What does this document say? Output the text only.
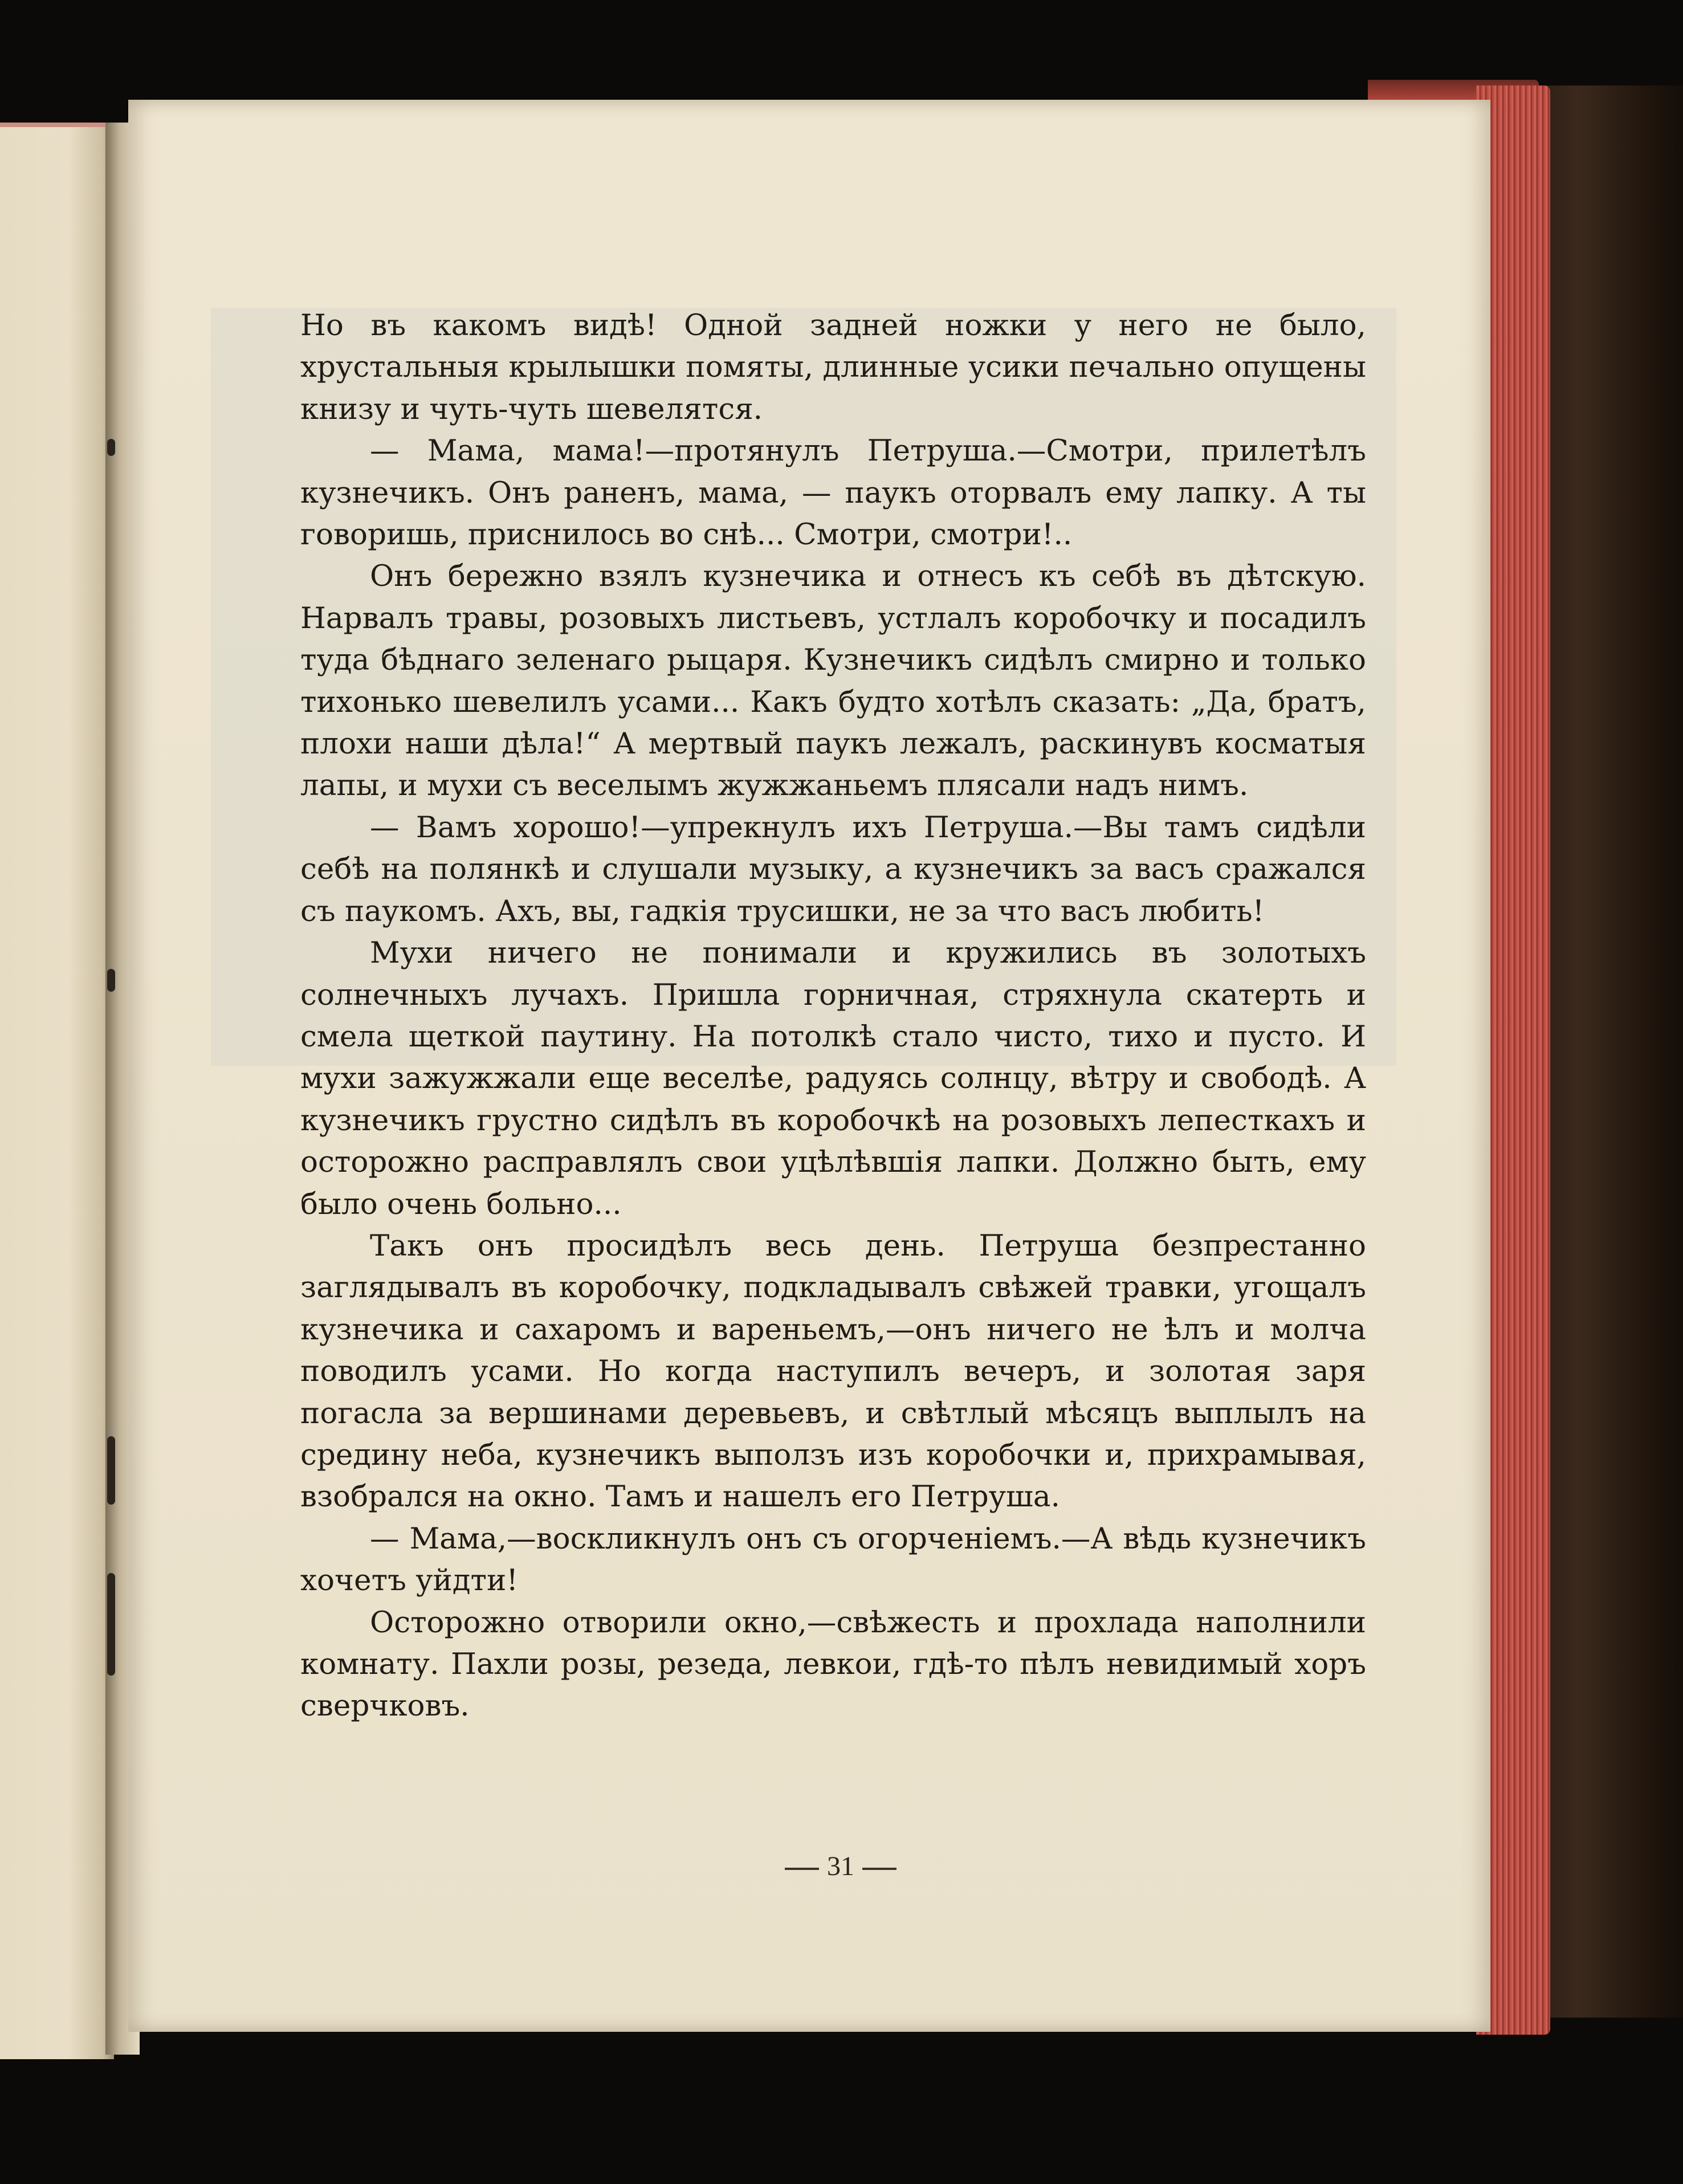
Но въ какомъ видѣ! Одной задней ножки у него не было, хрустальныя крылышки помяты, длинные усики печально опущены книзу и чуть-чуть шевелятся.

— Мама, мама!—протянулъ Петруша.—Смотри, прилетѣлъ кузнечикъ. Онъ раненъ, мама, — паукъ оторвалъ ему лапку. А ты говоришь, приснилось во снѣ... Смотри, смотри!..

Онъ бережно взялъ кузнечика и отнесъ къ себѣ въ дѣтскую. Нарвалъ травы, розовыхъ листьевъ, устлалъ коробочку и посадилъ туда бѣднаго зеленаго рыцаря. Кузнечикъ сидѣлъ смирно и только тихонько шевелилъ усами... Какъ будто хотѣлъ сказать: „Да, братъ, плохи наши дѣла!“ А мертвый паукъ лежалъ, раскинувъ косматыя лапы, и мухи съ веселымъ жужжаньемъ плясали надъ нимъ.

— Вамъ хорошо!—упрекнулъ ихъ Петруша.—Вы тамъ сидѣли себѣ на полянкѣ и слушали музыку, а кузнечикъ за васъ сражался съ паукомъ. Ахъ, вы, гадкія трусишки, не за что васъ любить!

Мухи ничего не понимали и кружились въ золотыхъ солнечныхъ лучахъ. Пришла горничная, стряхнула скатерть и смела щеткой паутину. На потолкѣ стало чисто, тихо и пусто. И мухи зажужжали еще веселѣе, радуясь солнцу, вѣтру и свободѣ. А кузнечикъ грустно сидѣлъ въ коробочкѣ на розовыхъ лепесткахъ и осторожно расправлялъ свои уцѣлѣвшія лапки. Должно быть, ему было очень больно...

Такъ онъ просидѣлъ весь день. Петруша безпрестанно заглядывалъ въ коробочку, подкладывалъ свѣжей травки, угощалъ кузнечика и сахаромъ и вареньемъ,—онъ ничего не ѣлъ и молча поводилъ усами. Но когда наступилъ вечеръ, и золотая заря погасла за вершинами деревьевъ, и свѣтлый мѣсяцъ выплылъ на средину неба, кузнечикъ выползъ изъ коробочки и, прихрамывая, взобрался на окно. Тамъ и нашелъ его Петруша.

— Мама,—воскликнулъ онъ съ огорченіемъ.—А вѣдь кузнечикъ хочетъ уйдти!

Осторожно отворили окно,—свѣжесть и прохлада наполнили комнату. Пахли розы, резеда, левкои, гдѣ-то пѣлъ невидимый хоръ сверчковъ.

31
